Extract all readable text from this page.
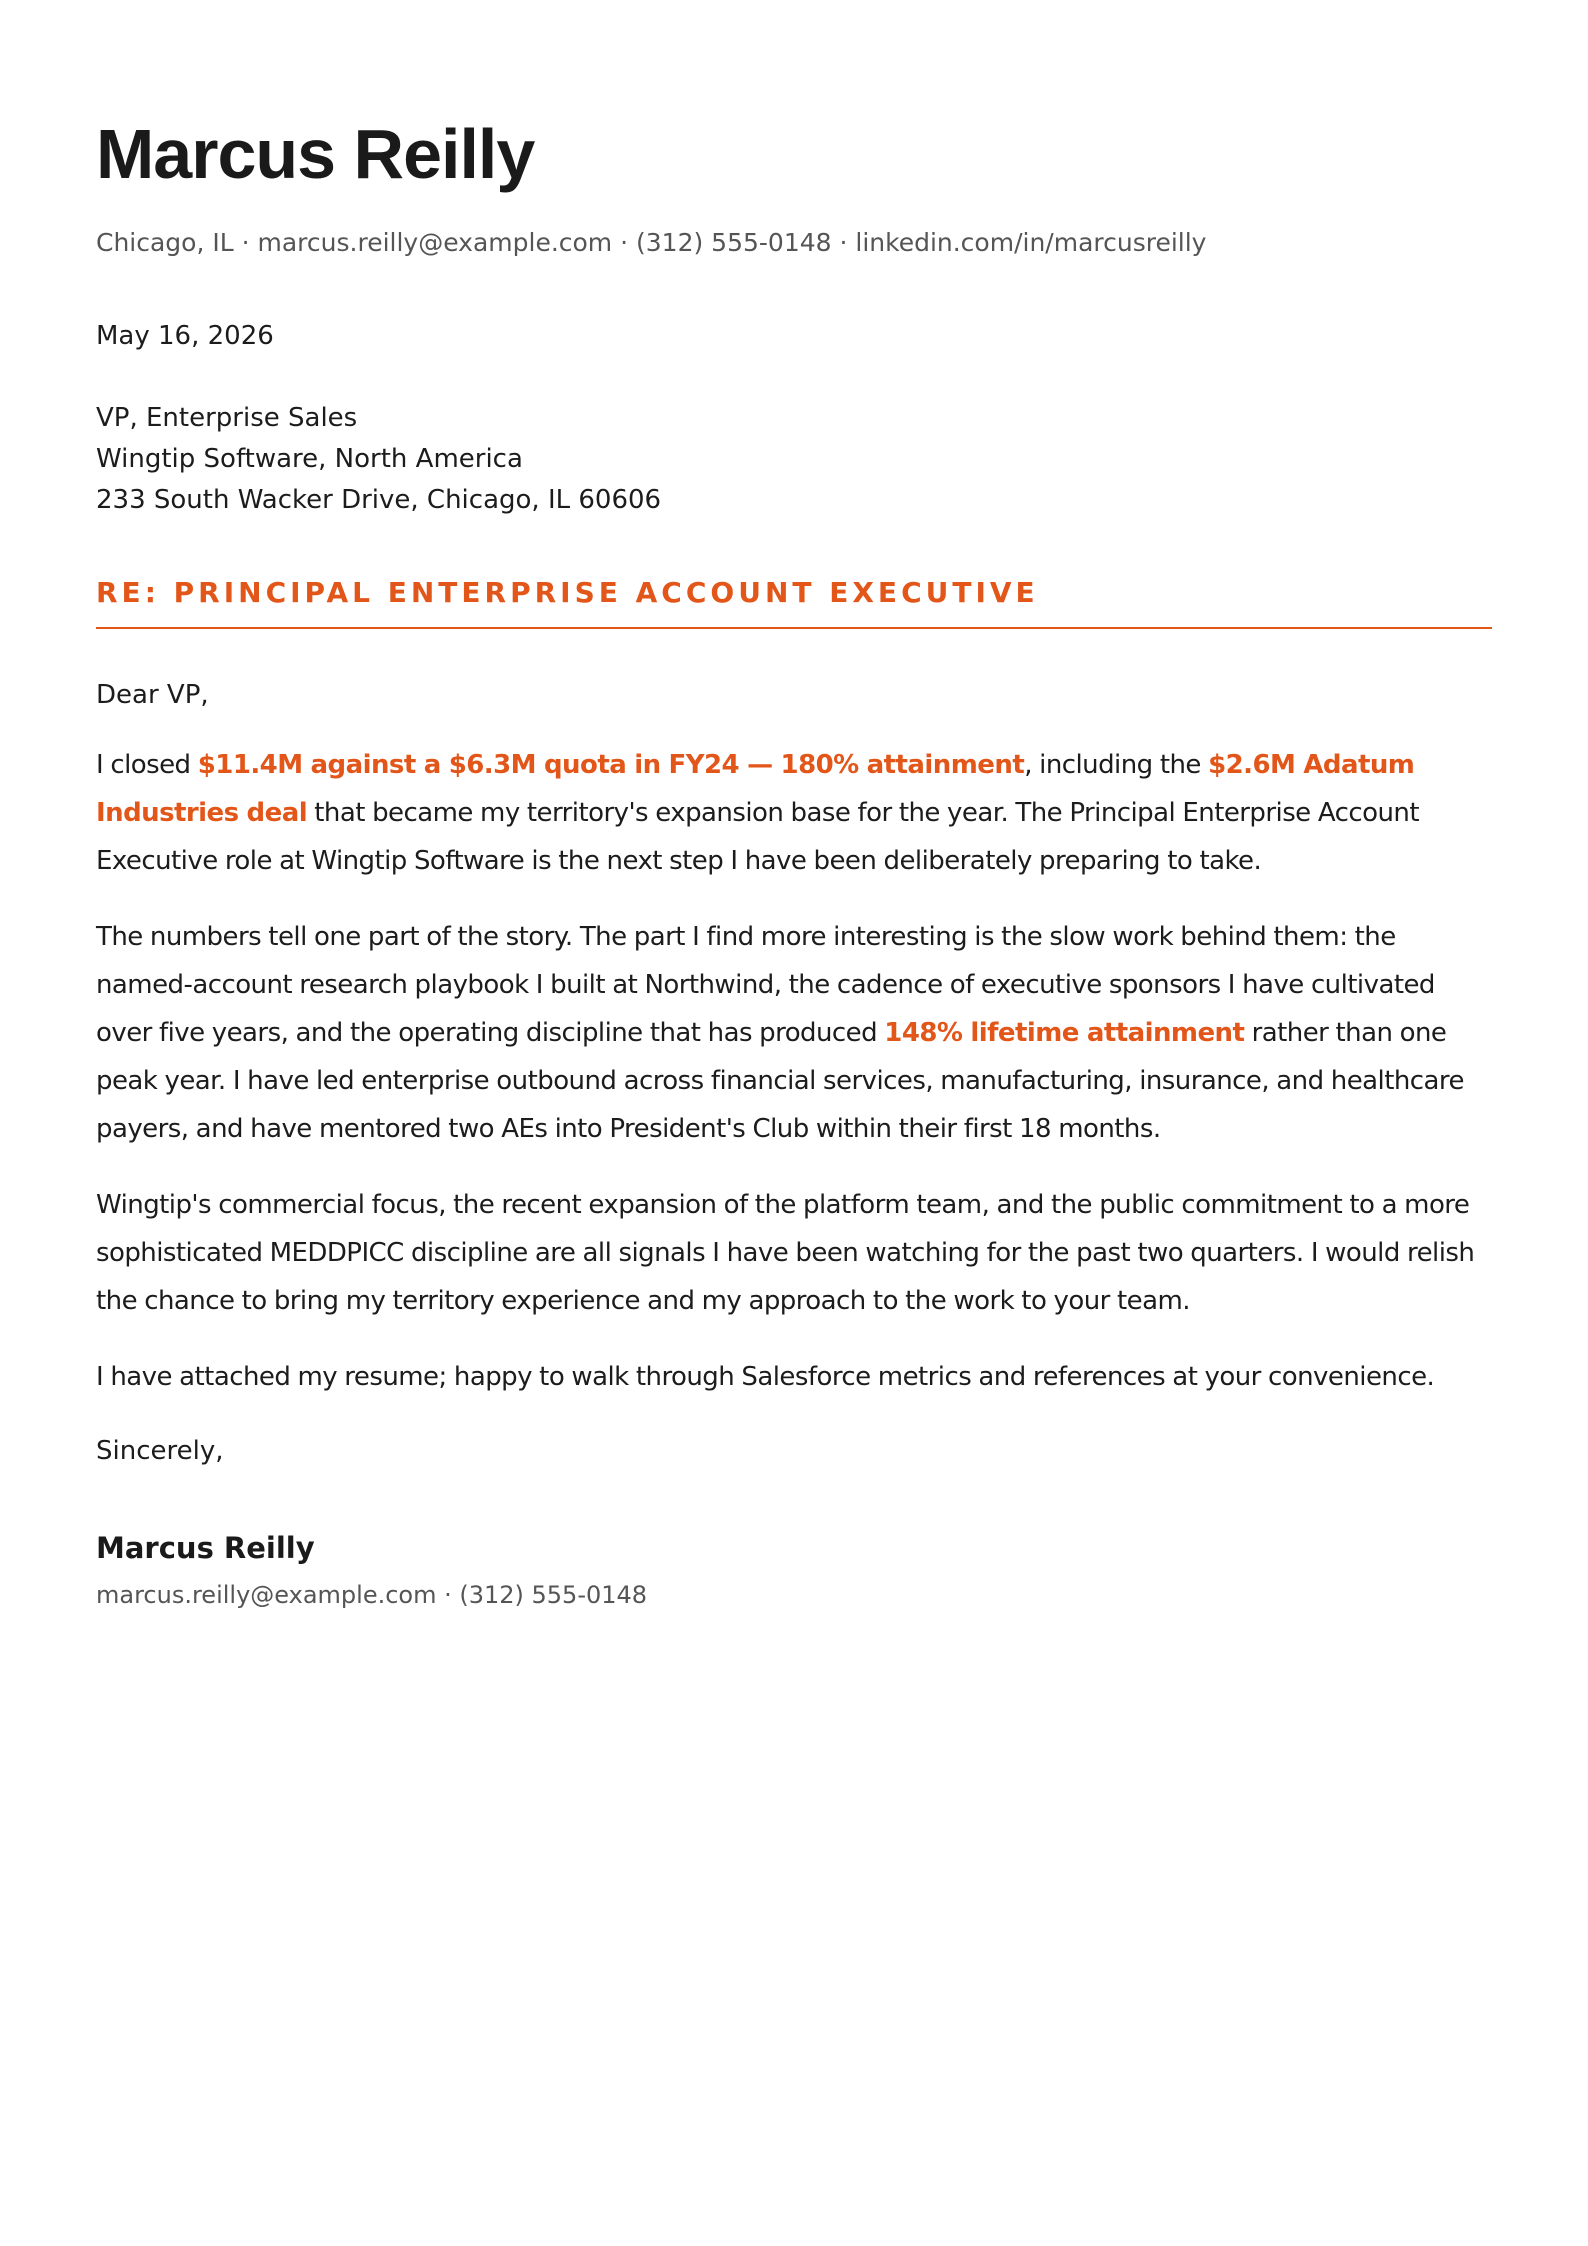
Marcus Reilly
Chicago, IL · marcus.reilly@example.com · (312) 555-0148 · linkedin.com/in/marcusreilly
May 16, 2026
VP, Enterprise Sales
Wingtip Software, North America
233 South Wacker Drive, Chicago, IL 60606
RE: PRINCIPAL ENTERPRISE ACCOUNT EXECUTIVE
Dear VP,
I closed $11.4M against a $6.3M quota in FY24 — 180% attainment, including the $2.6M Adatum Industries deal that became my territory's expansion base for the year. The Principal Enterprise Account Executive role at Wingtip Software is the next step I have been deliberately preparing to take.
The numbers tell one part of the story. The part I find more interesting is the slow work behind them: the named-account research playbook I built at Northwind, the cadence of executive sponsors I have cultivated over five years, and the operating discipline that has produced 148% lifetime attainment rather than one peak year. I have led enterprise outbound across financial services, manufacturing, insurance, and healthcare payers, and have mentored two AEs into President's Club within their first 18 months.
Wingtip's commercial focus, the recent expansion of the platform team, and the public commitment to a more sophisticated MEDDPICC discipline are all signals I have been watching for the past two quarters. I would relish the chance to bring my territory experience and my approach to the work to your team.
I have attached my resume; happy to walk through Salesforce metrics and references at your convenience.
Sincerely,
Marcus Reilly
marcus.reilly@example.com · (312) 555-0148
